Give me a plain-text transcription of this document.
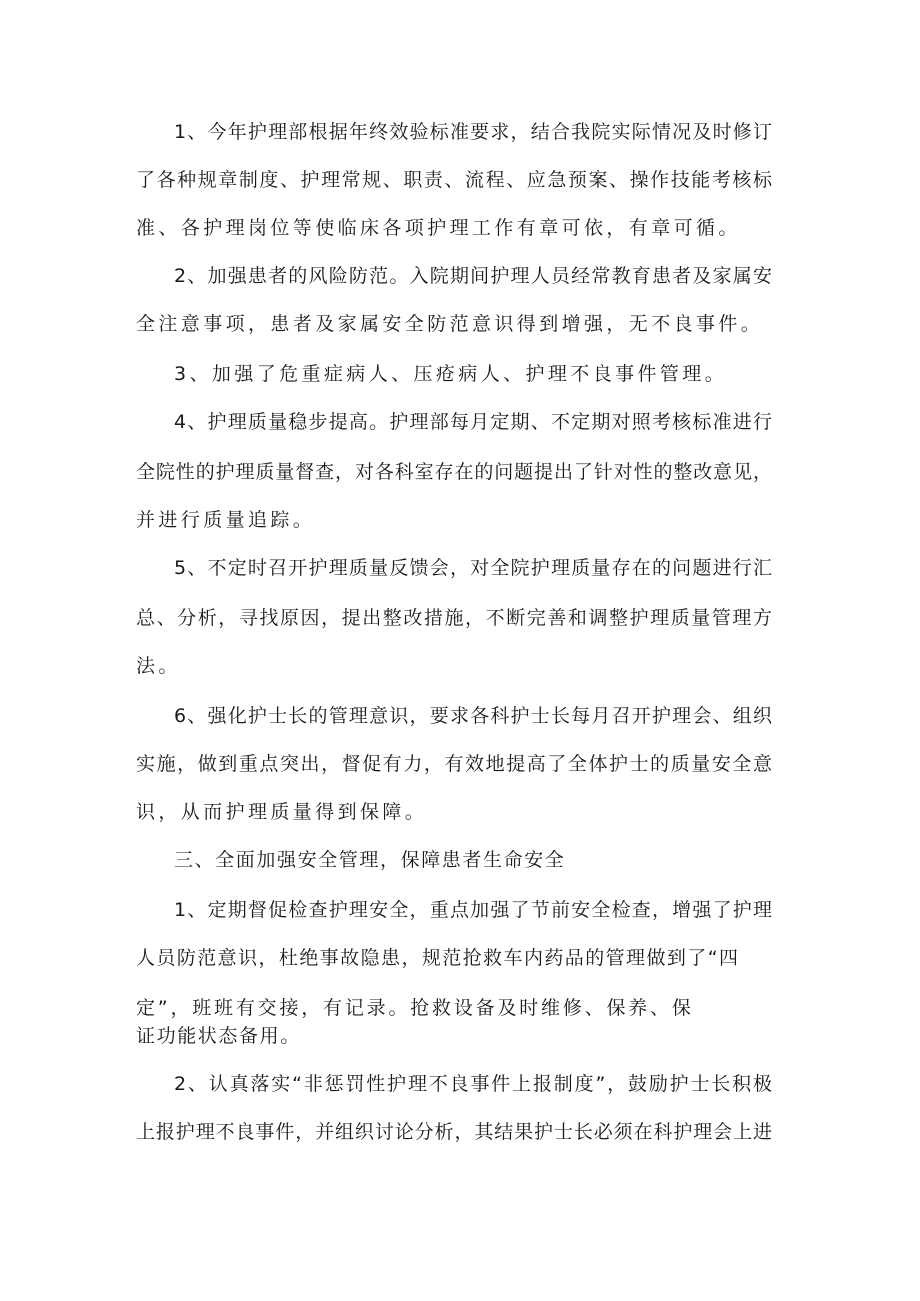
1、今年护理部根据年终效验标准要求，结合我院实际情况及时修订
了各种规章制度、护理常规、职责、流程、应急预案、操作技能考核标
准、各护理岗位等使临床各项护理工作有章可依，有章可循。
2、加强患者的风险防范。入院期间护理人员经常教育患者及家属安
全注意事项，患者及家属安全防范意识得到增强，无不良事件。
3、加强了危重症病人、压疮病人、护理不良事件管理。
4、护理质量稳步提高。护理部每月定期、不定期对照考核标准进行
全院性的护理质量督查，对各科室存在的问题提出了针对性的整改意见，
并进行质量追踪。
5、不定时召开护理质量反馈会，对全院护理质量存在的问题进行汇
总、分析，寻找原因，提出整改措施，不断完善和调整护理质量管理方
法。
6、强化护士长的管理意识，要求各科护士长每月召开护理会、组织
实施，做到重点突出，督促有力，有效地提高了全体护士的质量安全意
识，从而护理质量得到保障。
三、全面加强安全管理，保障患者生命安全
1、定期督促检查护理安全，重点加强了节前安全检查，增强了护理
人员防范意识，杜绝事故隐患，规范抢救车内药品的管理做到了“四
定”，班班有交接，有记录。抢救设备及时维修、保养、保
证功能状态备用。
2、认真落实“非惩罚性护理不良事件上报制度”，鼓励护士长积极
上报护理不良事件，并组织讨论分析，其结果护士长必须在科护理会上进
